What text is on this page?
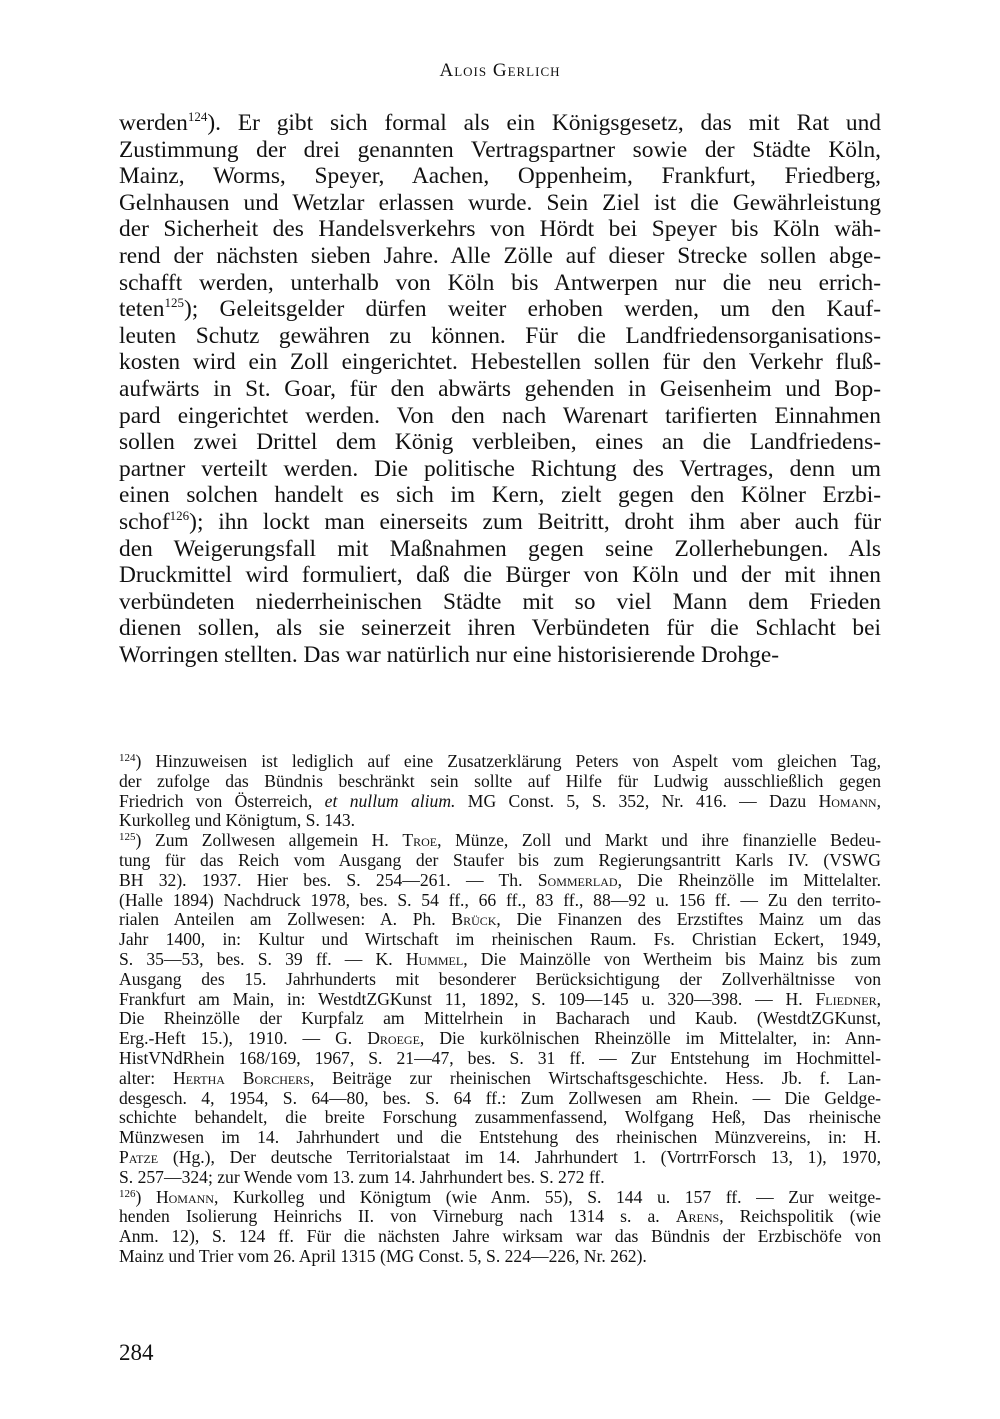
Alois Gerlich
werden$^{124}$). Er gibt sich formal als ein Königsgesetz, das mit Rat und
Zustimmung der drei genannten Vertragspartner sowie der Städte Köln,
Mainz, Worms, Speyer, Aachen, Oppenheim, Frankfurt, Friedberg,
Gelnhausen und Wetzlar erlassen wurde. Sein Ziel ist die Gewährleistung
der Sicherheit des Handelsverkehrs von Hördt bei Speyer bis Köln wäh-
rend der nächsten sieben Jahre. Alle Zölle auf dieser Strecke sollen abge-
schafft werden, unterhalb von Köln bis Antwerpen nur die neu errich-
teten$^{125}$); Geleitsgelder dürfen weiter erhoben werden, um den Kauf-
leuten Schutz gewähren zu können. Für die Landfriedensorganisations-
kosten wird ein Zoll eingerichtet. Hebestellen sollen für den Verkehr fluß-
aufwärts in St. Goar, für den abwärts gehenden in Geisenheim und Bop-
pard eingerichtet werden. Von den nach Warenart tarifierten Einnahmen
sollen zwei Drittel dem König verbleiben, eines an die Landfriedens-
partner verteilt werden. Die politische Richtung des Vertrages, denn um
einen solchen handelt es sich im Kern, zielt gegen den Kölner Erzbi-
schof$^{126}$); ihn lockt man einerseits zum Beitritt, droht ihm aber auch für
den Weigerungsfall mit Maßnahmen gegen seine Zollerhebungen. Als
Druckmittel wird formuliert, daß die Bürger von Köln und der mit ihnen
verbündeten niederrheinischen Städte mit so viel Mann dem Frieden
dienen sollen, als sie seinerzeit ihren Verbündeten für die Schlacht bei
Worringen stellten. Das war natürlich nur eine historisierende Drohge-
$^{124}$) Hinzuweisen ist lediglich auf eine Zusatzerklärung Peters von Aspelt vom gleichen Tag,
der zufolge das Bündnis beschränkt sein sollte auf Hilfe für Ludwig ausschließlich gegen
Friedrich von Österreich, et nullum alium. MG Const. 5, S. 352, Nr. 416. — Dazu Homann,
Kurkolleg und Königtum, S. 143.
$^{125}$) Zum Zollwesen allgemein H. Troe, Münze, Zoll und Markt und ihre finanzielle Bedeu-
tung für das Reich vom Ausgang der Staufer bis zum Regierungsantritt Karls IV. (VSWG
BH 32). 1937. Hier bes. S. 254—261. — Th. Sommerlad, Die Rheinzölle im Mittelalter.
(Halle 1894) Nachdruck 1978, bes. S. 54 ff., 66 ff., 83 ff., 88—92 u. 156 ff. — Zu den territo-
rialen Anteilen am Zollwesen: A. Ph. Brück, Die Finanzen des Erzstiftes Mainz um das
Jahr 1400, in: Kultur und Wirtschaft im rheinischen Raum. Fs. Christian Eckert, 1949,
S. 35—53, bes. S. 39 ff. — K. Hummel, Die Mainzölle von Wertheim bis Mainz bis zum
Ausgang des 15. Jahrhunderts mit besonderer Berücksichtigung der Zollverhältnisse von
Frankfurt am Main, in: WestdtZGKunst 11, 1892, S. 109—145 u. 320—398. — H. Fliedner,
Die Rheinzölle der Kurpfalz am Mittelrhein in Bacharach und Kaub. (WestdtZGKunst,
Erg.-Heft 15.), 1910. — G. Droege, Die kurkölnischen Rheinzölle im Mittelalter, in: Ann-
HistVNdRhein 168/169, 1967, S. 21—47, bes. S. 31 ff. — Zur Entstehung im Hochmittel-
alter: Hertha Borchers, Beiträge zur rheinischen Wirtschaftsgeschichte. Hess. Jb. f. Lan-
desgesch. 4, 1954, S. 64—80, bes. S. 64 ff.: Zum Zollwesen am Rhein. — Die Geldge-
schichte behandelt, die breite Forschung zusammenfassend, Wolfgang Heß, Das rheinische
Münzwesen im 14. Jahrhundert und die Entstehung des rheinischen Münzvereins, in: H.
Patze (Hg.), Der deutsche Territorialstaat im 14. Jahrhundert 1. (VortrrForsch 13, 1), 1970,
S. 257—324; zur Wende vom 13. zum 14. Jahrhundert bes. S. 272 ff.
$^{126}$) Homann, Kurkolleg und Königtum (wie Anm. 55), S. 144 u. 157 ff. — Zur weitge-
henden Isolierung Heinrichs II. von Virneburg nach 1314 s. a. Arens, Reichspolitik (wie
Anm. 12), S. 124 ff. Für die nächsten Jahre wirksam war das Bündnis der Erzbischöfe von
Mainz und Trier vom 26. April 1315 (MG Const. 5, S. 224—226, Nr. 262).
284
